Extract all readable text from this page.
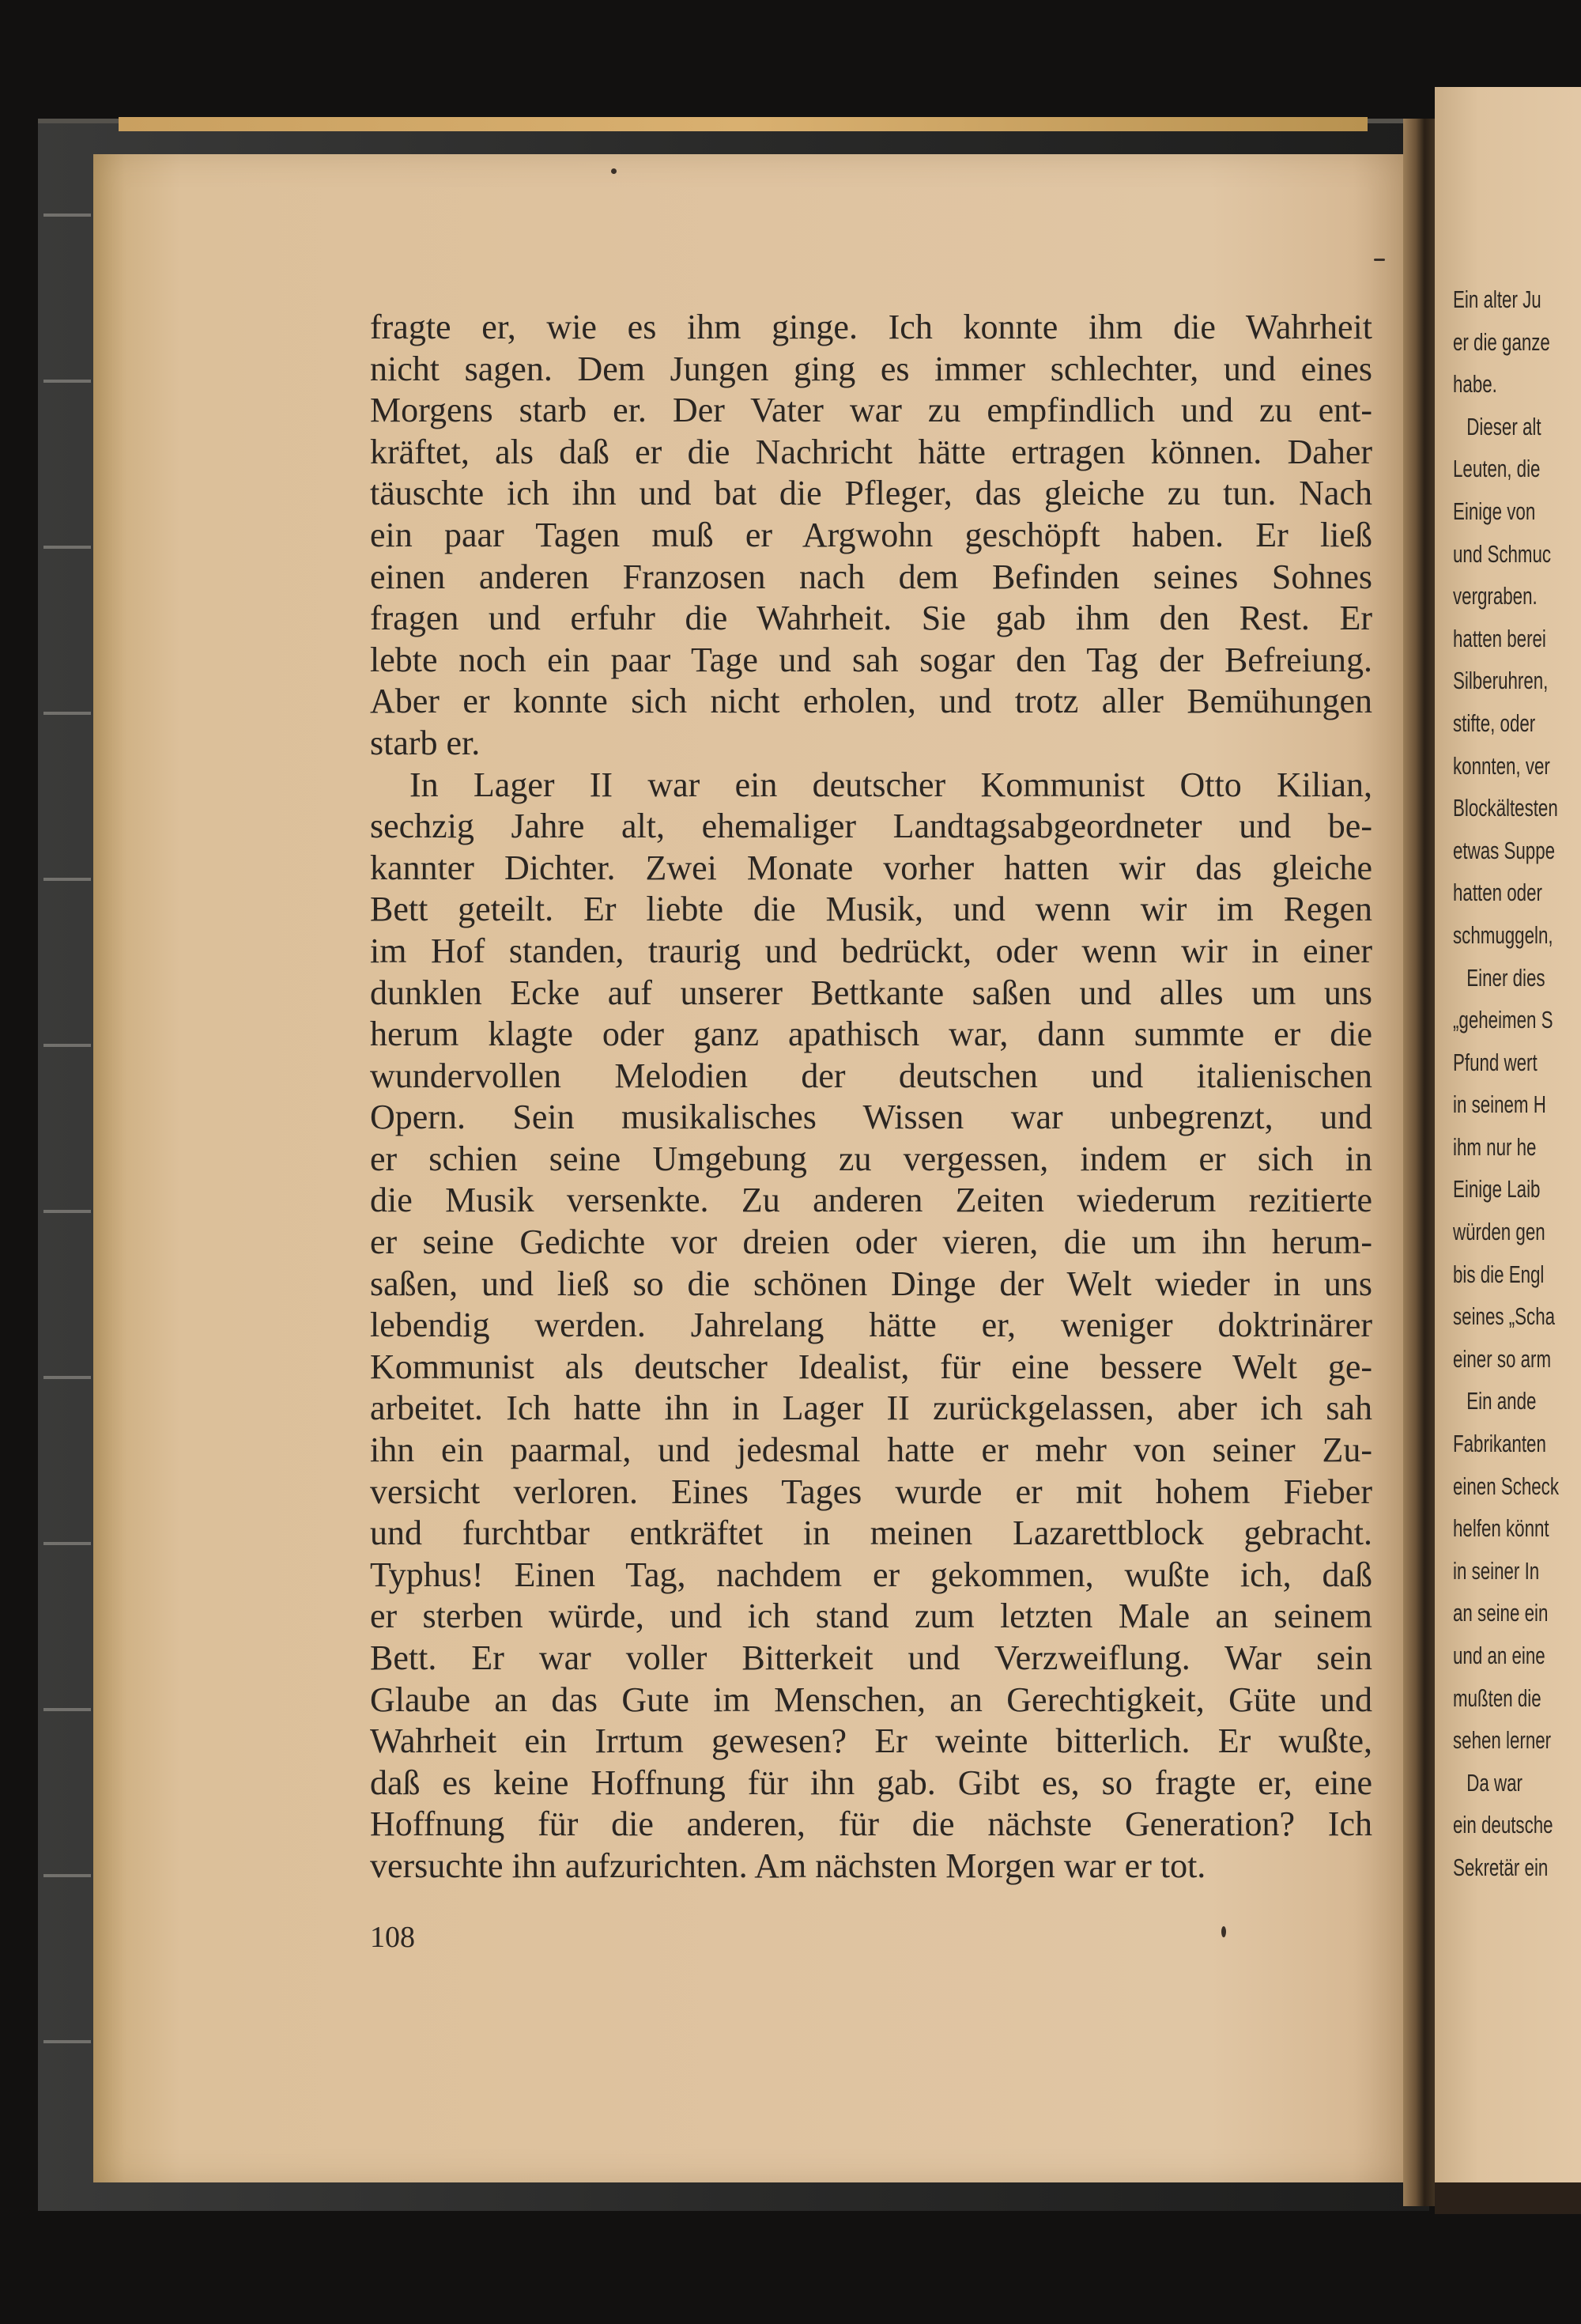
fragte er, wie es ihm ginge. Ich konnte ihm die Wahrheit
nicht sagen. Dem Jungen ging es immer schlechter, und eines
Morgens starb er. Der Vater war zu empfindlich und zu ent-
kräftet, als daß er die Nachricht hätte ertragen können. Daher
täuschte ich ihn und bat die Pfleger, das gleiche zu tun. Nach
ein paar Tagen muß er Argwohn geschöpft haben. Er ließ
einen anderen Franzosen nach dem Befinden seines Sohnes
fragen und erfuhr die Wahrheit. Sie gab ihm den Rest. Er
lebte noch ein paar Tage und sah sogar den Tag der Befreiung.
Aber er konnte sich nicht erholen, und trotz aller Bemühungen
starb er.
In Lager II war ein deutscher Kommunist Otto Kilian,
sechzig Jahre alt, ehemaliger Landtagsabgeordneter und be-
kannter Dichter. Zwei Monate vorher hatten wir das gleiche
Bett geteilt. Er liebte die Musik, und wenn wir im Regen
im Hof standen, traurig und bedrückt, oder wenn wir in einer
dunklen Ecke auf unserer Bettkante saßen und alles um uns
herum klagte oder ganz apathisch war, dann summte er die
wundervollen Melodien der deutschen und italienischen
Opern. Sein musikalisches Wissen war unbegrenzt, und
er schien seine Umgebung zu vergessen, indem er sich in
die Musik versenkte. Zu anderen Zeiten wiederum rezitierte
er seine Gedichte vor dreien oder vieren, die um ihn herum-
saßen, und ließ so die schönen Dinge der Welt wieder in uns
lebendig werden. Jahrelang hätte er, weniger doktrinärer
Kommunist als deutscher Idealist, für eine bessere Welt ge-
arbeitet. Ich hatte ihn in Lager II zurückgelassen, aber ich sah
ihn ein paarmal, und jedesmal hatte er mehr von seiner Zu-
versicht verloren. Eines Tages wurde er mit hohem Fieber
und furchtbar entkräftet in meinen Lazarettblock gebracht.
Typhus! Einen Tag, nachdem er gekommen, wußte ich, daß
er sterben würde, und ich stand zum letzten Male an seinem
Bett. Er war voller Bitterkeit und Verzweiflung. War sein
Glaube an das Gute im Menschen, an Gerechtigkeit, Güte und
Wahrheit ein Irrtum gewesen? Er weinte bitterlich. Er wußte,
daß es keine Hoffnung für ihn gab. Gibt es, so fragte er, eine
Hoffnung für die anderen, für die nächste Generation? Ich
versuchte ihn aufzurichten. Am nächsten Morgen war er tot.
108
Ein alter Ju
er die ganze
habe.
Dieser alt
Leuten, die
Einige von
und Schmuc
vergraben.
hatten berei
Silberuhren,
stifte, oder
konnten, ver
Blockältesten
etwas Suppe
hatten oder
schmuggeln,
Einer dies
„geheimen S
Pfund wert
in seinem H
ihm nur he
Einige Laib
würden gen
bis die Engl
seines „Scha
einer so arm
Ein ande
Fabrikanten
einen Scheck
helfen könnt
in seiner In
an seine ein
und an eine
mußten die
sehen lerner
Da war
ein deutsche
Sekretär ein
